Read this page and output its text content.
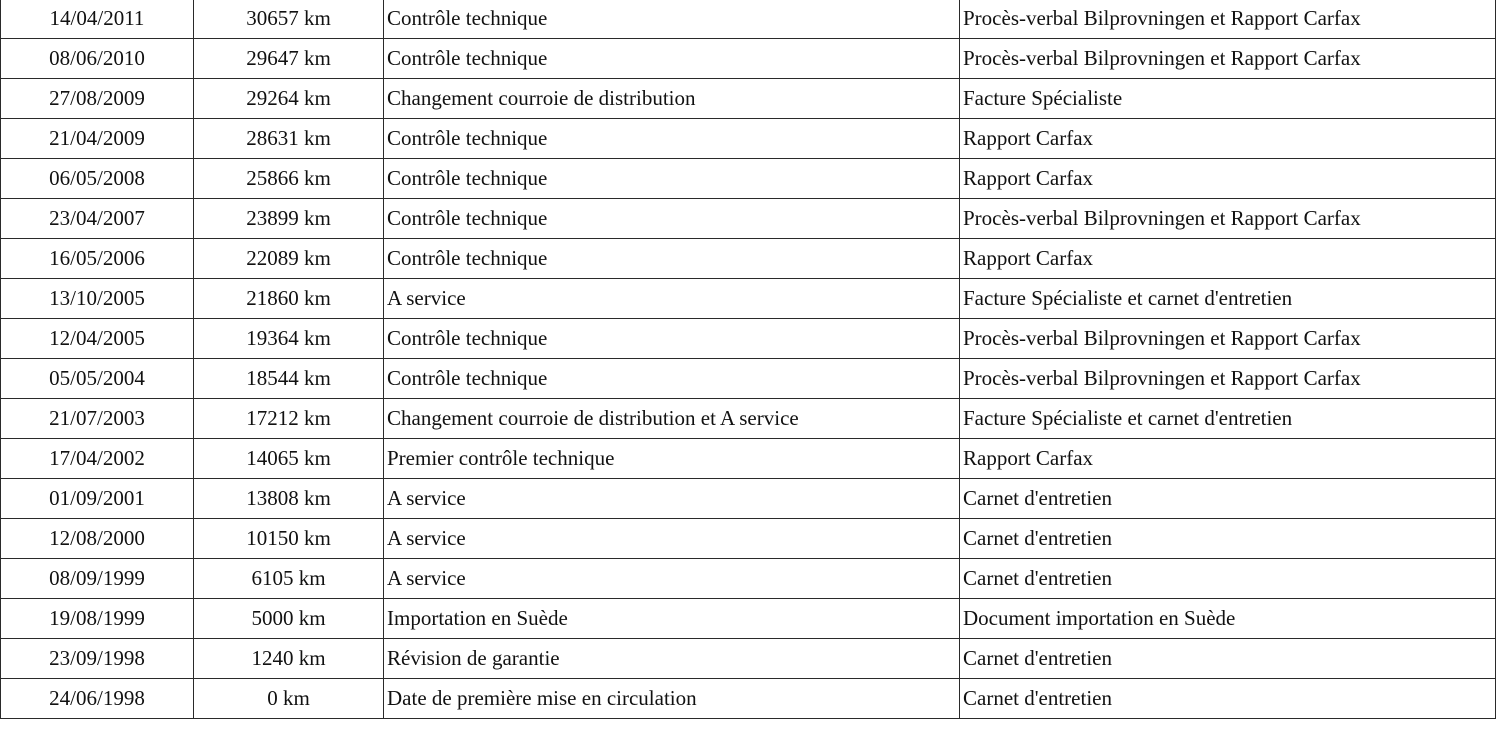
14/04/2011	30657 km	Contrôle technique	Procès-verbal Bilprovningen et Rapport Carfax
08/06/2010	29647 km	Contrôle technique	Procès-verbal Bilprovningen et Rapport Carfax
27/08/2009	29264 km	Changement courroie de distribution	Facture Spécialiste
21/04/2009	28631 km	Contrôle technique	Rapport Carfax
06/05/2008	25866 km	Contrôle technique	Rapport Carfax
23/04/2007	23899 km	Contrôle technique	Procès-verbal Bilprovningen et Rapport Carfax
16/05/2006	22089 km	Contrôle technique	Rapport Carfax
13/10/2005	21860 km	A service	Facture Spécialiste et carnet d'entretien
12/04/2005	19364 km	Contrôle technique	Procès-verbal Bilprovningen et Rapport Carfax
05/05/2004	18544 km	Contrôle technique	Procès-verbal Bilprovningen et Rapport Carfax
21/07/2003	17212 km	Changement courroie de distribution et A service	Facture Spécialiste et carnet d'entretien
17/04/2002	14065 km	Premier contrôle technique	Rapport Carfax
01/09/2001	13808 km	A service	Carnet d'entretien
12/08/2000	10150 km	A service	Carnet d'entretien
08/09/1999	6105 km	A service	Carnet d'entretien
19/08/1999	5000 km	Importation en Suède	Document importation en Suède
23/09/1998	1240 km	Révision de garantie	Carnet d'entretien
24/06/1998	0 km	Date de première mise en circulation	Carnet d'entretien
